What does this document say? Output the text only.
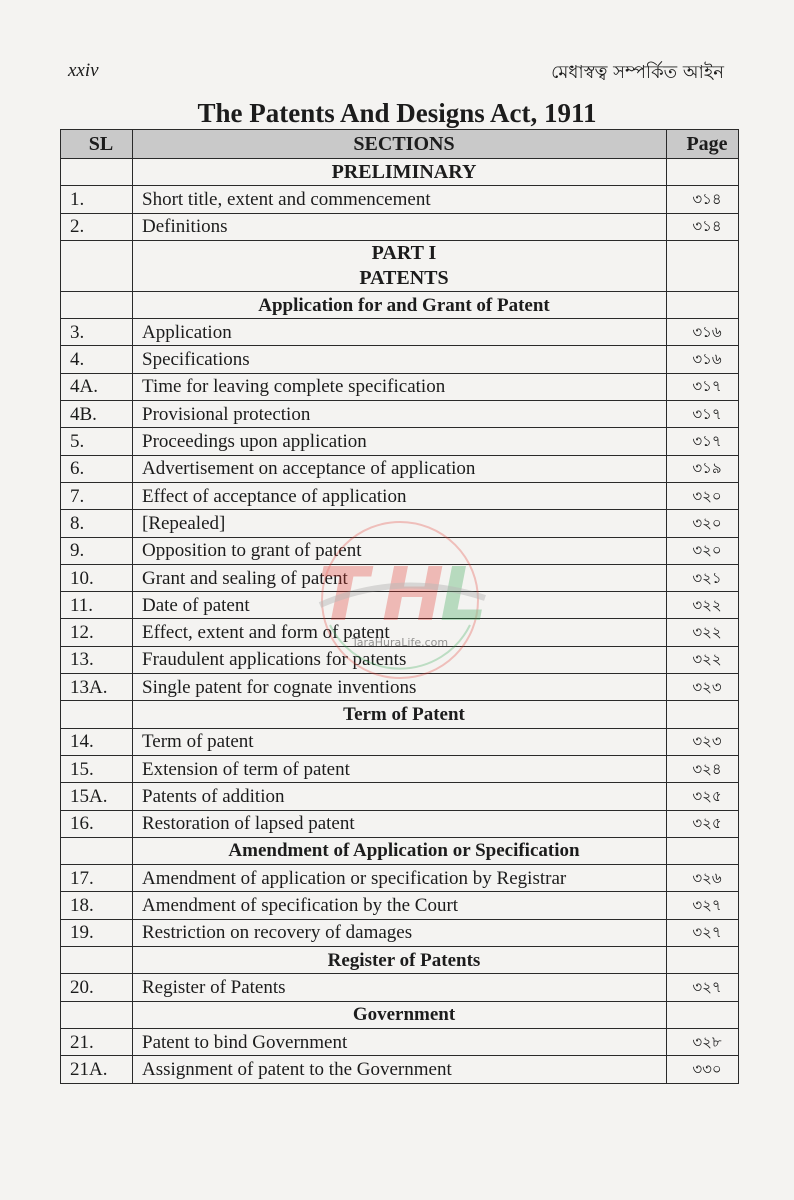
xxiv	মেধাস্বত্ব সম্পর্কিত আইন
The Patents And Designs Act, 1911
SL	SECTIONS	Page
	PRELIMINARY	
1.	Short title, extent and commencement	৩১৪
2.	Definitions	৩১৪

	PART I
PATENTS	

	Application for and Grant of Patent	
3.	Application	৩১৬
4.	Specifications	৩১৬
4A.	Time for leaving complete specification	৩১৭
4B.	Provisional protection	৩১৭
5.	Proceedings upon application	৩১৭
6.	Advertisement on acceptance of application	৩১৯
7.	Effect of acceptance of application	৩২০
8.	[Repealed]	৩২০
9.	Opposition to grant of patent	৩২০
10.	Grant and sealing of patent	৩২১
11.	Date of patent	৩২২
12.	Effect, extent and form of patent	৩২২
13.	Fraudulent applications for patents	৩২২
13A.	Single patent for cognate inventions	৩২৩
	Term of Patent	
14.	Term of patent	৩২৩
15.	Extension of term of patent	৩২৪
15A.	Patents of addition	৩২৫
16.	Restoration of lapsed patent	৩২৫
	Amendment of Application or Specification	
17.	Amendment of application or specification by Registrar	৩২৬
18.	Amendment of specification by the Court	৩২৭
19.	Restriction on recovery of damages	৩২৭
	Register of Patents	
20.	Register of Patents	৩২৭
	Government	
21.	Patent to bind Government	৩২৮
21A.	Assignment of patent to the Government	৩৩০
T H
L
TaraHuraLife.com
